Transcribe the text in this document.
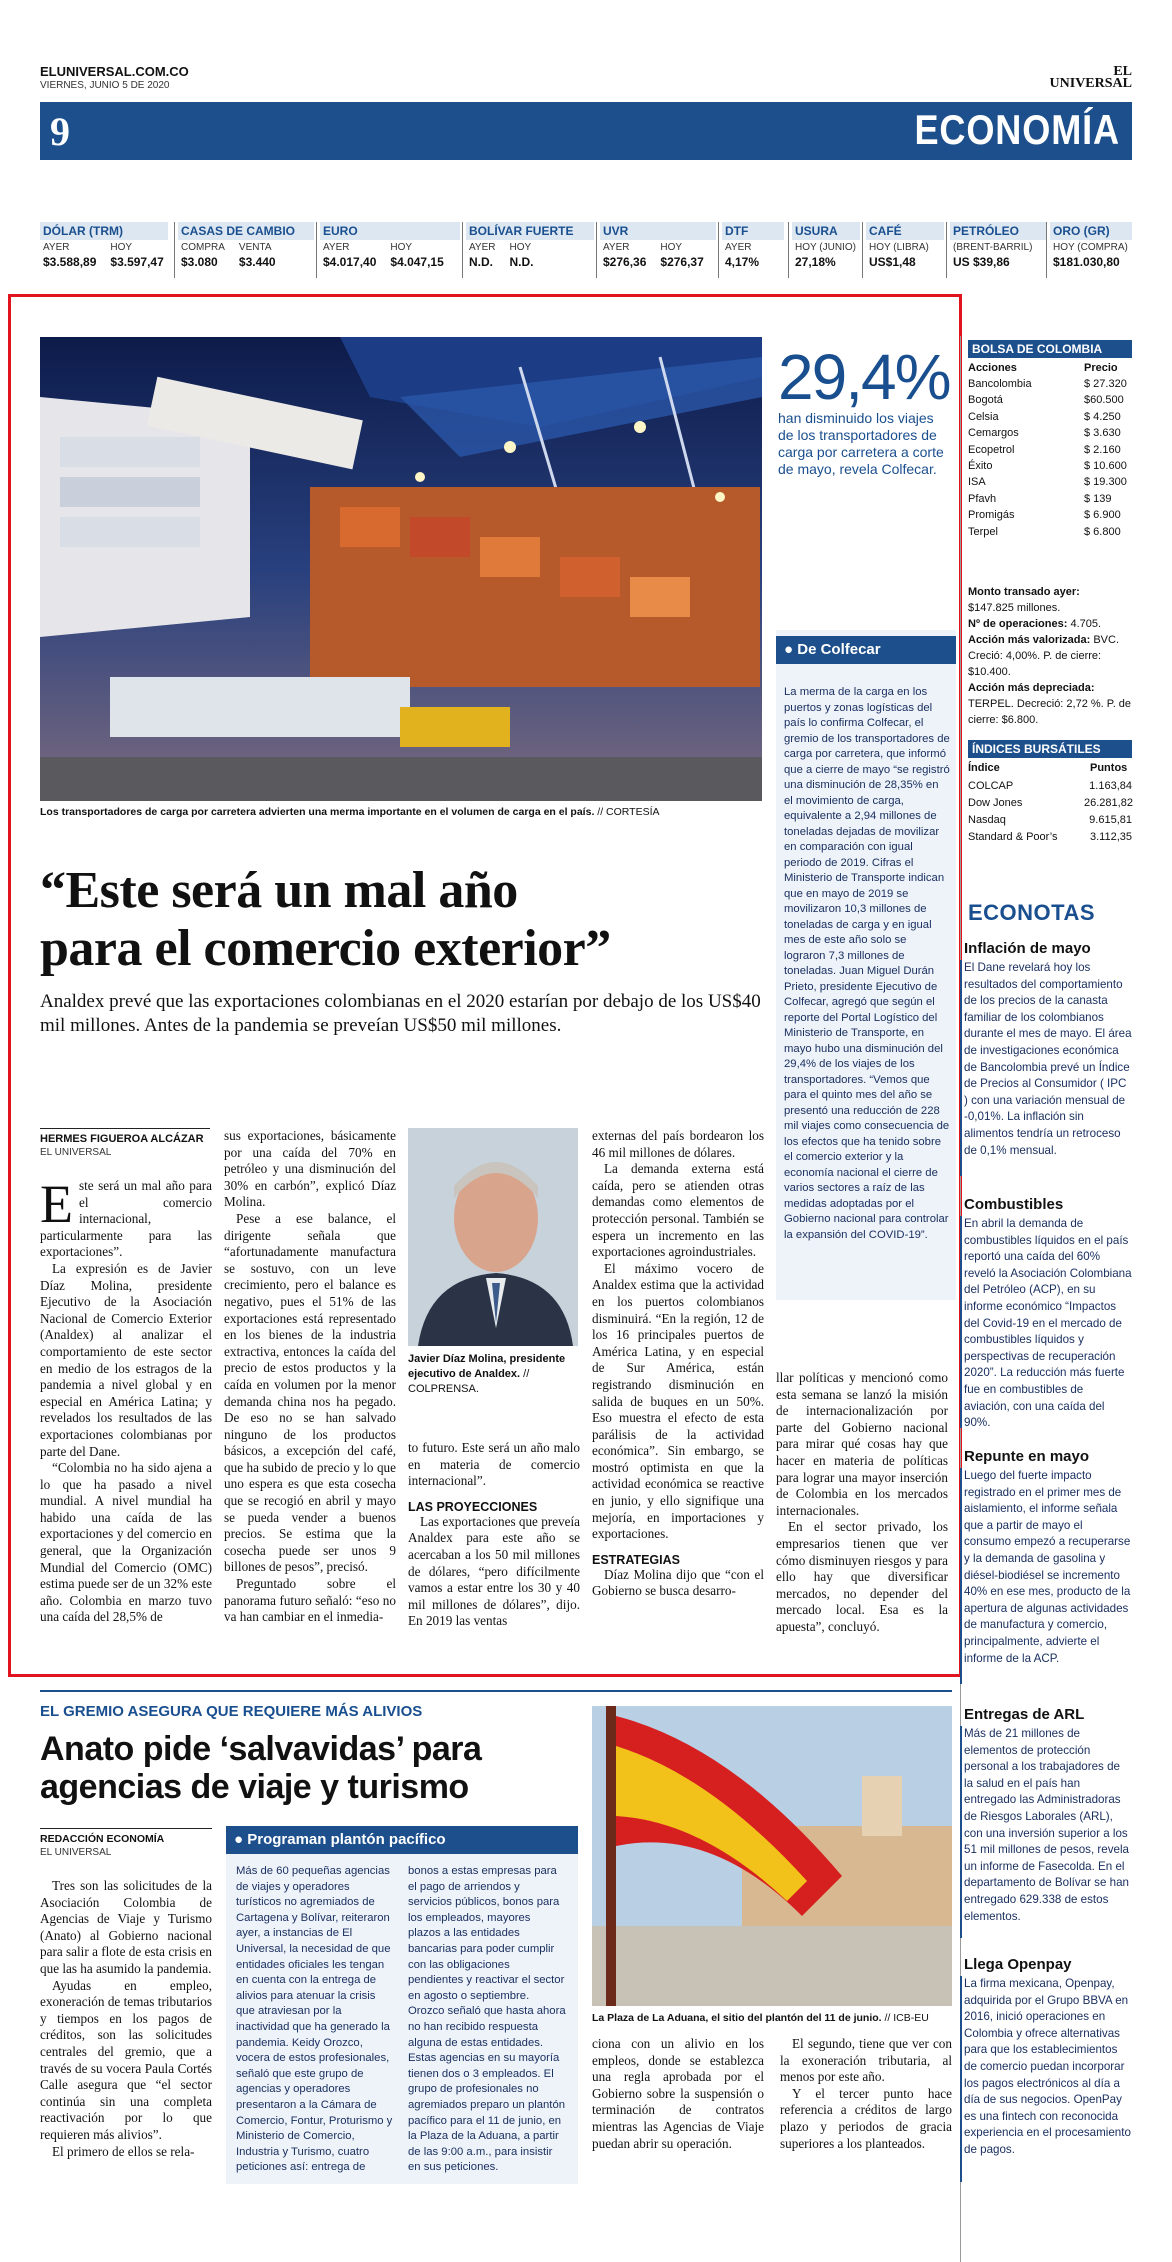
ELUNIVERSAL.COM.CO
VIERNES, JUNIO 5 DE 2020
EL
UNIVERSAL
9	ECONOMÍA
DÓLAR (TRM)
AYER
$3.588,89
HOY
$3.597,47
CASAS DE CAMBIO
COMPRA
$3.080
VENTA
$3.440
EURO
AYER
$4.017,40
HOY
$4.047,15
BOLÍVAR FUERTE
AYER
N.D.
HOY
N.D.
UVR
AYER
$276,36
HOY
$276,37
DTF
AYER
4,17%
USURA
HOY (JUNIO)
27,18%
CAFÉ
HOY (LIBRA)
US$1,48
PETRÓLEO
(BRENT-BARRIL)
US $39,86
ORO (GR)
HOY (COMPRA)
$181.030,80
Los transportadores de carga por carretera advierten una merma importante en el volumen de carga en el país. // CORTESÍA
29,4%
han disminuido los viajes de los transportadores de carga por carretera a corte de mayo, revela Colfecar.
● De Colfecar
La merma de la carga en los puertos y zonas logísticas del país lo confirma Colfecar, el gremio de los transportadores de carga por carretera, que informó que a cierre de mayo “se registró una disminución de 28,35% en el movimiento de carga, equivalente a 2,94 millones de toneladas dejadas de movilizar en comparación con igual periodo de 2019. Cifras el Ministerio de Transporte indican que en mayo de 2019 se movilizaron 10,3 millones de toneladas de carga y en igual mes de este año solo se lograron 7,3 millones de toneladas. Juan Miguel Durán Prieto, presidente Ejecutivo de Colfecar, agregó que según el reporte del Portal Logístico del Ministerio de Transporte, en mayo hubo una disminución del 29,4% de los viajes de los transportadores. “Vemos que para el quinto mes del año se presentó una reducción de 228 mil viajes como consecuencia de los efectos que ha tenido sobre el comercio exterior y la economía nacional el cierre de varios sectores a raíz de las medidas adoptadas por el Gobierno nacional para controlar la expansión del COVID-19”.
“Este será un mal año
para el comercio exterior”
Analdex prevé que las exportaciones colombianas en el 2020 estarían por debajo de los US$40 mil millones. Antes de la pandemia se preveían US$50 mil millones.
HERMES FIGUEROA ALCÁZAR
EL UNIVERSAL
E ste será un mal año para el comercio internacional, particularmente para las exportaciones”.

La expresión es de Javier Díaz Molina, presidente Ejecutivo de la Asociación Nacional de Comercio Exterior (Analdex) al analizar el comportamiento de este sector en medio de los estragos de la pandemia a nivel global y en especial en América Latina; y revelados los resultados de las exportaciones colombianas por parte del Dane.

“Colombia no ha sido ajena a lo que ha pasado a nivel mundial. A nivel mundial ha habido una caída de las exportaciones y del comercio en general, que la Organización Mundial del Comercio (OMC) estima puede ser de un 32% este año. Colombia en marzo tuvo una caída del 28,5% de

sus exportaciones, básicamente por una caída del 70% en petróleo y una disminución del 30% en carbón”, explicó Díaz Molina.

Pese a ese balance, el dirigente señala que “afortunadamente manufactura se sostuvo, con un leve crecimiento, pero el balance es negativo, pues el 51% de las exportaciones está representado en los bienes de la industria extractiva, entonces la caída del precio de estos productos y la caída en volumen por la menor demanda china nos ha pegado. De eso no se han salvado ninguno de los productos básicos, a excepción del café, que ha subido de precio y lo que uno espera es que esta cosecha que se recogió en abril y mayo se pueda vender a buenos precios. Se estima que la cosecha puede ser unos 9 billones de pesos”, precisó.

Preguntado sobre el panorama futuro señaló: “eso no va han cambiar en el inmedia-

Javier Díaz Molina, presidente ejecutivo de Analdex. // COLPRENSA.

to futuro. Este será un año malo en materia de comercio internacional”.

LAS PROYECCIONES

Las exportaciones que preveía Analdex para este año se acercaban a los 50 mil millones de dólares, “pero difícilmente vamos a estar entre los 30 y 40 mil millones de dólares”, dijo. En 2019 las ventas

externas del país bordearon los 46 mil millones de dólares.

La demanda externa está caída, pero se atienden otras demandas como elementos de protección personal. También se espera un incremento en las exportaciones agroindustriales.

El máximo vocero de Analdex estima que la actividad en los puertos colombianos disminuirá. “En la región, 12 de los 16 principales puertos de América Latina, y en especial de Sur América, están registrando disminución en salida de buques en un 50%. Eso muestra el efecto de esta parálisis de la actividad económica”. Sin embargo, se mostró optimista en que la actividad económica se reactive en junio, y ello signifique una mejoría, en importaciones y exportaciones.

ESTRATEGIAS

Díaz Molina dijo que “con el Gobierno se busca desarro-

llar políticas y mencionó como esta semana se lanzó la misión de internacionalización por parte del Gobierno nacional para mirar qué cosas hay que hacer en materia de políticas para lograr una mayor inserción de Colombia en los mercados internacionales.

En el sector privado, los empresarios tienen que ver cómo disminuyen riesgos y para ello hay que diversificar mercados, no depender del mercado local. Esa es la apuesta”, concluyó.

BOLSA DE COLOMBIA
Acciones	Precio
Bancolombia	$ 27.320
Bogotá	$60.500
Celsia	$ 4.250
Cemargos	$ 3.630
Ecopetrol	$ 2.160
Éxito	$ 10.600
ISA	$ 19.300
Pfavh	$ 139
Promigás	$ 6.900
Terpel	$ 6.800
Monto transado ayer:
$147.825 millones.
Nº de operaciones: 4.705.
Acción más valorizada: BVC. Creció: 4,00%. P. de cierre: $10.400.
Acción más depreciada: TERPEL. Decreció: 2,72 %. P. de cierre: $6.800.
ÍNDICES BURSÁTILES
Índice	Puntos
COLCAP	1.163,84
Dow Jones	26.281,82
Nasdaq	9.615,81
Standard & Poor’s	3.112,35
ECONOTAS
Inflación de mayo
El Dane revelará hoy los resultados del comportamiento de los precios de la canasta familiar de los colombianos durante el mes de mayo. El área de investigaciones económica de Bancolombia prevé un Índice de Precios al Consumidor ( IPC ) con una variación mensual de -0,01%. La inflación sin alimentos tendría un retroceso de 0,1% mensual.
Combustibles
En abril la demanda de combustibles líquidos en el país reportó una caída del 60% reveló la Asociación Colombiana del Petróleo (ACP), en su informe económico “Impactos del Covid-19 en el mercado de combustibles líquidos y perspectivas de recuperación 2020”. La reducción más fuerte fue en combustibles de aviación, con una caída del 90%.
Repunte en mayo
Luego del fuerte impacto registrado en el primer mes de aislamiento, el informe señala que a partir de mayo el consumo empezó a recuperarse y la demanda de gasolina y diésel-biodiésel se incremento 40% en ese mes, producto de la apertura de algunas actividades de manufactura y comercio, principalmente, advierte el informe de la ACP.
Entregas de ARL
Más de 21 millones de elementos de protección personal a los trabajadores de la salud en el país han entregado las Administradoras de Riesgos Laborales (ARL), con una inversión superior a los 51 mil millones de pesos, revela un informe de Fasecolda. En el departamento de Bolívar se han entregado 629.338 de estos elementos.
Llega Openpay
La firma mexicana, Openpay, adquirida por el Grupo BBVA en 2016, inició operaciones en Colombia y ofrece alternativas para que los establecimientos de comercio puedan incorporar los pagos electrónicos al día a día de sus negocios. OpenPay es una fintech con reconocida experiencia en el procesamiento de pagos.
EL GREMIO ASEGURA QUE REQUIERE MÁS ALIVIOS
Anato pide ‘salvavidas’ para
agencias de viaje y turismo
REDACCIÓN ECONOMÍA
EL UNIVERSAL

Tres son las solicitudes de la Asociación Colombia de Agencias de Viaje y Turismo (Anato) al Gobierno nacional para salir a flote de esta crisis en que las ha asumido la pandemia.

Ayudas en empleo, exoneración de temas tributarios y tiempos en los pagos de créditos, son las solicitudes centrales del gremio, que a través de su vocera Paula Cortés Calle asegura que “el sector continúa sin una completa reactivación por lo que requieren más alivios”.

El primero de ellos se rela-

● Programan plantón pacífico
Más de 60 pequeñas agencias de viajes y operadores turísticos no agremiados de Cartagena y Bolívar, reiteraron ayer, a instancias de El Universal, la necesidad de que entidades oficiales les tengan en cuenta con la entrega de alivios para atenuar la crisis que atraviesan por la inactividad que ha generado la pandemia. Keidy Orozco, vocera de estos profesionales, señaló que este grupo de agencias y operadores presentaron a la Cámara de Comercio, Fontur, Proturismo y Ministerio de Comercio, Industria y Turismo, cuatro peticiones así: entrega de
bonos a estas empresas para el pago de arriendos y servicios públicos, bonos para los empleados, mayores plazos a las entidades bancarias para poder cumplir con las obligaciones pendientes y reactivar el sector en agosto o septiembre. Orozco señaló que hasta ahora no han recibido respuesta alguna de estas entidades. Estas agencias en su mayoría tienen dos o 3 empleados. El grupo de profesionales no agremiados preparo un plantón pacífico para el 11 de junio, en la Plaza de la Aduana, a partir de las 9:00 a.m., para insistir en sus peticiones.
La Plaza de La Aduana, el sitio del plantón del 11 de junio. // ICB-EU

ciona con un alivio en los empleos, donde se establezca una regla aprobada por el Gobierno sobre la suspensión o terminación de contratos mientras las Agencias de Viaje puedan abrir su operación.

El segundo, tiene que ver con la exoneración tributaria, al menos por este año.

Y el tercer punto hace referencia a créditos de largo plazo y periodos de gracia superiores a los planteados.
